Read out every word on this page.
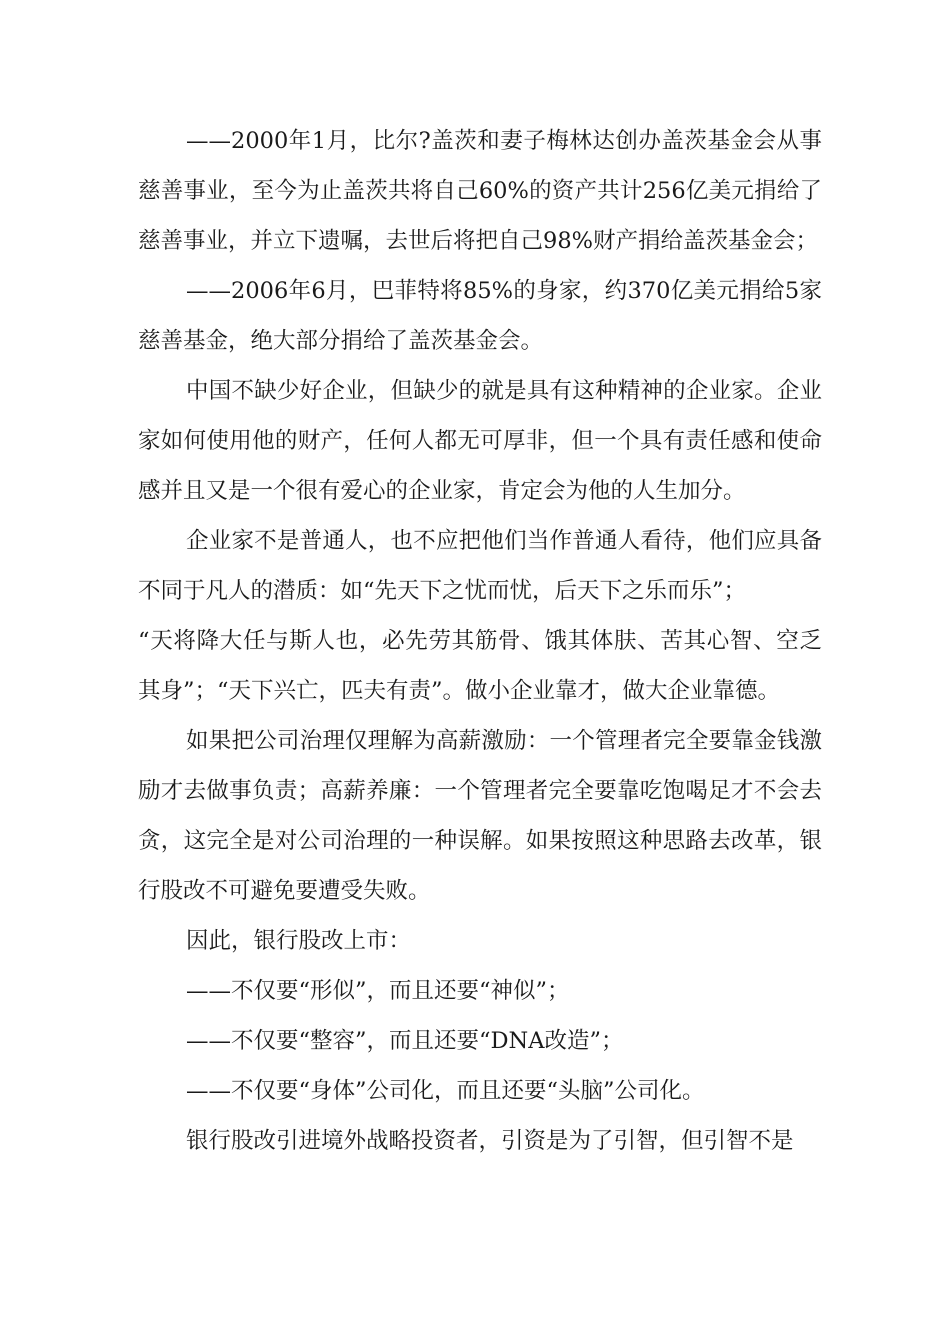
——2000年1月，比尔?盖茨和妻子梅林达创办盖茨基金会从事慈善事业，至今为止盖茨共将自己60%的资产共计256亿美元捐给了慈善事业，并立下遗嘱，去世后将把自己98%财产捐给盖茨基金会；

——2006年6月，巴菲特将85%的身家，约370亿美元捐给5家慈善基金，绝大部分捐给了盖茨基金会。

中国不缺少好企业，但缺少的就是具有这种精神的企业家。企业家如何使用他的财产，任何人都无可厚非，但一个具有责任感和使命感并且又是一个很有爱心的企业家，肯定会为他的人生加分。

企业家不是普通人，也不应把他们当作普通人看待，他们应具备不同于凡人的潜质：如“先天下之忧而忧，后天下之乐而乐”；

“天将降大任与斯人也，必先劳其筋骨、饿其体肤、苦其心智、空乏其身”；“天下兴亡，匹夫有责”。做小企业靠才，做大企业靠德。

如果把公司治理仅理解为高薪激励：一个管理者完全要靠金钱激励才去做事负责；高薪养廉：一个管理者完全要靠吃饱喝足才不会去贪，这完全是对公司治理的一种误解。如果按照这种思路去改革，银行股改不可避免要遭受失败。

因此，银行股改上市：

——不仅要“形似”，而且还要“神似”；

——不仅要“整容”，而且还要“DNA改造”；

——不仅要“身体”公司化，而且还要“头脑”公司化。

银行股改引进境外战略投资者，引资是为了引智，但引智不是
